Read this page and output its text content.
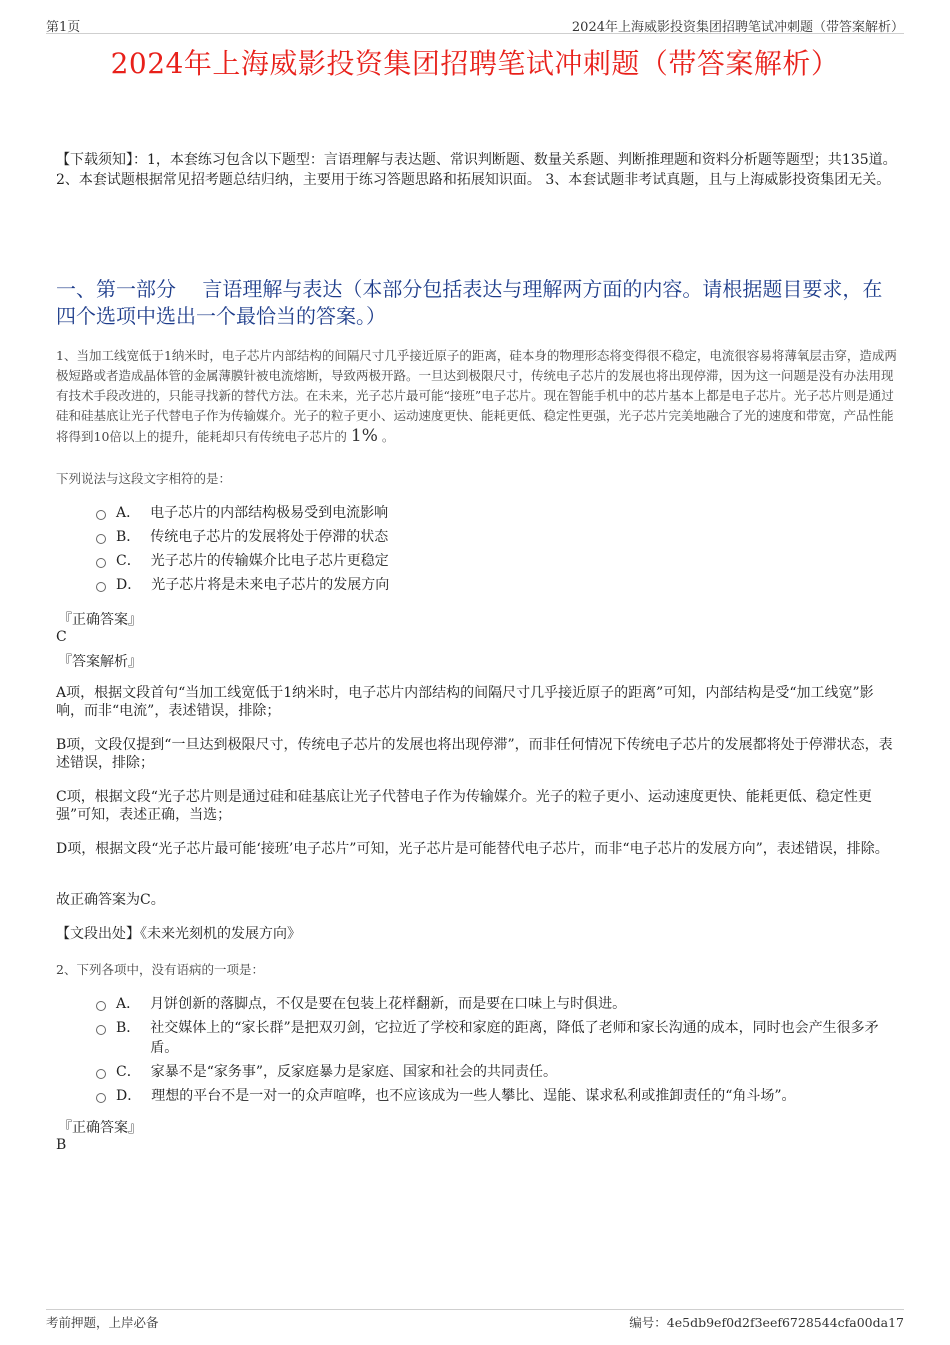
第1页	2024年上海威影投资集团招聘笔试冲刺题（带答案解析）
2024年上海威影投资集团招聘笔试冲刺题（带答案解析）
【下载须知】：1，本套练习包含以下题型：言语理解与表达题、常识判断题、数量关系题、判断推理题和资料分析题等题型；共135道。 2、本套试题根据常见招考题总结归纳，主要用于练习答题思路和拓展知识面。 3、本套试题非考试真题，且与上海威影投资集团无关。
一、第一部分　 言语理解与表达（本部分包括表达与理解两方面的内容。请根据题目要求，在四个选项中选出一个最恰当的答案。）
1、当加工线宽低于1纳米时，电子芯片内部结构的间隔尺寸几乎接近原子的距离，硅本身的物理形态将变得很不稳定，电流很容易将薄氧层击穿，造成两极短路或者造成晶体管的金属薄膜针被电流熔断，导致两极开路。一旦达到极限尺寸，传统电子芯片的发展也将出现停滞，因为这一问题是没有办法用现有技术手段改进的，只能寻找新的替代方法。在未来，光子芯片最可能“接班”电子芯片。现在智能手机中的芯片基本上都是电子芯片。光子芯片则是通过硅和硅基底让光子代替电子作为传输媒介。光子的粒子更小、运动速度更快、能耗更低、稳定性更强，光子芯片完美地融合了光的速度和带宽，产品性能将得到10倍以上的提升，能耗却只有传统电子芯片的 1% 。
下列说法与这段文字相符的是：
A． 电子芯片的内部结构极易受到电流影响
B． 传统电子芯片的发展将处于停滞的状态
C． 光子芯片的传输媒介比电子芯片更稳定
D． 光子芯片将是未来电子芯片的发展方向
『正确答案』
C
『答案解析』
A项，根据文段首句“当加工线宽低于1纳米时，电子芯片内部结构的间隔尺寸几乎接近原子的距离”可知，内部结构是受“加工线宽”影响，而非“电流”，表述错误，排除；
B项，文段仅提到“一旦达到极限尺寸，传统电子芯片的发展也将出现停滞”，而非任何情况下传统电子芯片的发展都将处于停滞状态，表述错误，排除；
C项，根据文段“光子芯片则是通过硅和硅基底让光子代替电子作为传输媒介。光子的粒子更小、运动速度更快、能耗更低、稳定性更强”可知，表述正确，当选；
D项，根据文段“光子芯片最可能‘接班’电子芯片”可知，光子芯片是可能替代电子芯片，而非“电子芯片的发展方向”，表述错误，排除。
故正确答案为C。
【文段出处】《未来光刻机的发展方向》
2、下列各项中，没有语病的一项是：
A． 月饼创新的落脚点，不仅是要在包装上花样翻新，而是要在口味上与时俱进。
B． 社交媒体上的“家长群”是把双刃剑，它拉近了学校和家庭的距离，降低了老师和家长沟通的成本，同时也会产生很多矛盾。
C． 家暴不是“家务事”，反家庭暴力是家庭、国家和社会的共同责任。
D． 理想的平台不是一对一的众声喧哗，也不应该成为一些人攀比、逞能、谋求私利或推卸责任的“角斗场”。
『正确答案』
B
考前押题，上岸必备	编号：4e5db9ef0d2f3eef6728544cfa00da17
